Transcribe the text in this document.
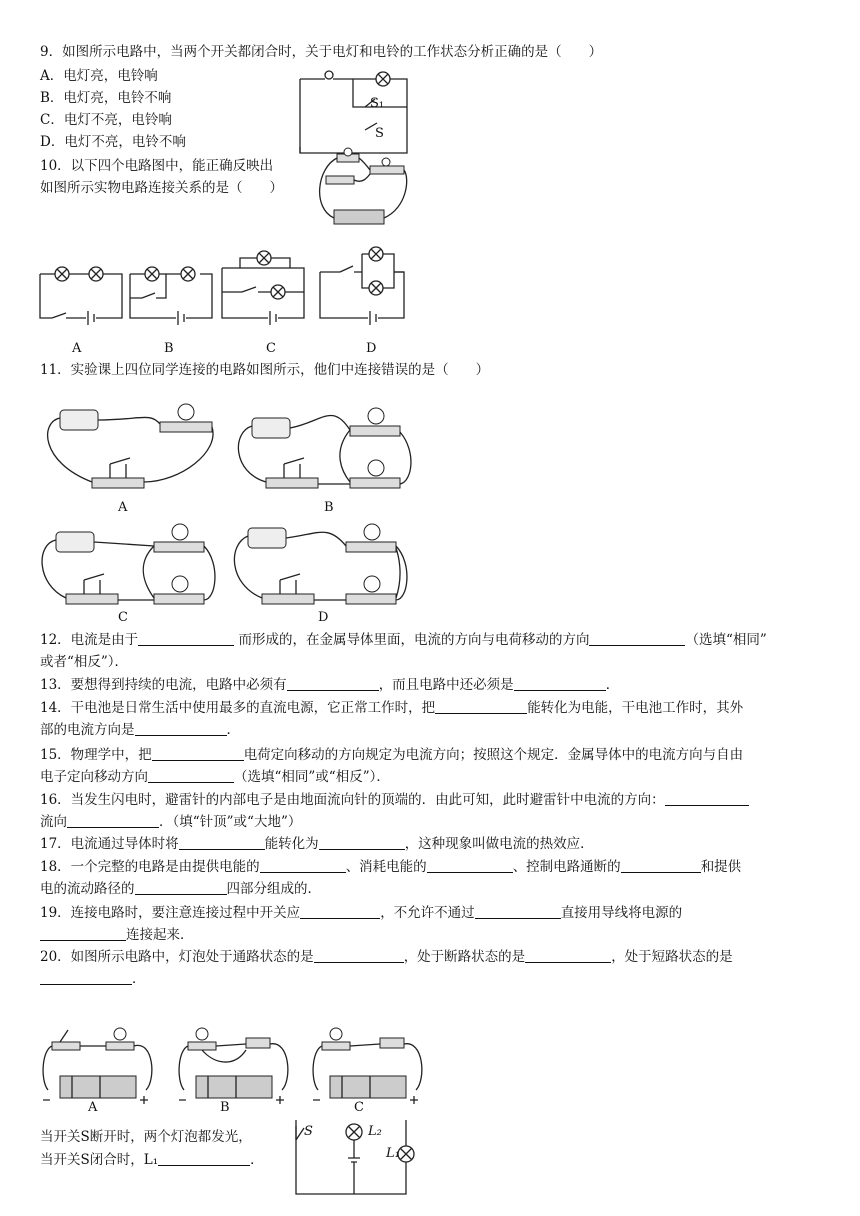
9．如图所示电路中，当两个开关都闭合时，关于电灯和电铃的工作状态分析正确的是（　　）
A．电灯亮，电铃响
B．电灯亮，电铃不响
C．电灯不亮，电铃响
D．电灯不亮，电铃不响
S₁
S
10．以下四个电路图中，能正确反映出
如图所示实物电路连接关系的是（　　）
A	B	C	D
11．实验课上四位同学连接的电路如图所示，他们中连接错误的是（　　）
A	B
C	D
12．电流是由于	而形成的，在金属导体里面，电流的方向与电荷移动的方向	（选填“相同”
或者“相反”）．
13．要想得到持续的电流，电路中必须有	，而且电路中还必须是	．
14．干电池是日常生活中使用最多的直流电源，它正常工作时，把	能转化为电能，干电池工作时，其外
部的电流方向是	．
15．物理学中，把	电荷定向移动的方向规定为电流方向；按照这个规定．金属导体中的电流方向与自由
电子定向移动方向	（选填“相同”或“相反”）．
16．当发生闪电时，避雷针的内部电子是由地面流向针的顶端的．由此可知，此时避雷针中电流的方向：
流向	．（填“针顶”或“大地”）
17．电流通过导体时将	能转化为	，这种现象叫做电流的热效应．
18．一个完整的电路是由提供电能的	、消耗电能的	、控制电路通断的	和提供
电的流动路径的	四部分组成的．
19．连接电路时，要注意连接过程中开关应	，不允许不通过	直接用导线将电源的
连接起来．
20．如图所示电路中，灯泡处于通路状态的是	，处于断路状态的是	，处于短路状态的是
．
A	B	C
当开关S断开时，两个灯泡都发光，
当开关S闭合时，L₁	．
S	L₂
L₁
